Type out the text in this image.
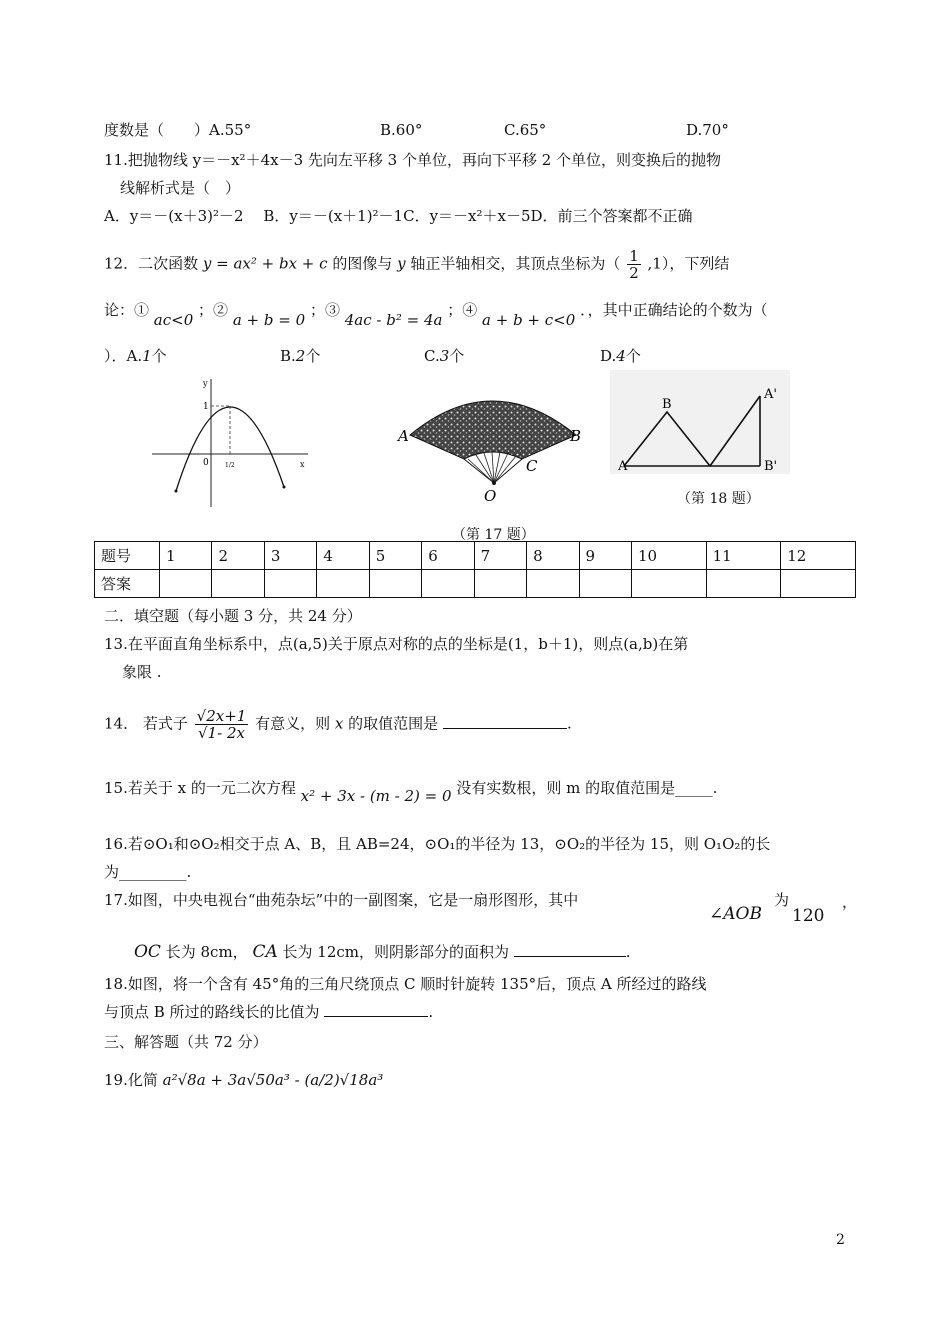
度数是（　　）A.55°	B.60°	C.65°	D.70°
11.把抛物线 y＝－x²＋4x－3 先向左平移 3 个单位，再向下平移 2 个单位，则变换后的抛物
线解析式是（　）
A．y＝－(x＋3)²－2　 B．y＝－(x＋1)²－1C．y＝－x²＋x－5D．前三个答案都不正确
12．二次函数 y = ax² + bx + c 的图像与 y 轴正半轴相交，其顶点坐标为（ $\frac{1}{2} ,1$），下列结
论：① ac<0 ；② a + b = 0 ；③ 4ac - b² = 4a ；④ a + b + c<0 ．，其中正确结论的个数为（
）．A.1个	B.2个	C.3个	D.4个
y
x
1
0	1/2
A	B
C
O
A
B
A'
B'
（第 18 题）
（第 17 题）
题号	1	2	3	4	5	6	7	8	9	10	11	12
答案												
二．填空题（每小题 3 分，共 24 分）
13.在平面直角坐标系中，点(a,5)关于原点对称的点的坐标是(1，b＋1)，则点(a,b)在第
象限 .
14． 若式子 $\frac{√2x+1}{√1- 2x}$ 有意义，则 x 的取值范围是	.
15.若关于 x 的一元二次方程 x² + 3x - (m - 2) = 0 没有实数根，则 m 的取值范围是_____.
16.若⊙O₁和⊙O₂相交于点 A、B，且 AB=24，⊙O₁的半径为 13，⊙O₂的半径为 15，则 O₁O₂的长
为_________.
17.如图，中央电视台“曲苑杂坛”中的一副图案，它是一扇形图形，其中
∠AOB
为
120
，
OC 长为 8cm， CA 长为 12cm，则阴影部分的面积为	.
18.如图，将一个含有 45°角的三角尺绕顶点 C 顺时针旋转 135°后，顶点 A 所经过的路线
与顶点 B 所过的路线长的比值为	.
三、解答题（共 72 分）
19.化简 a²√8a + 3a√50a³ - (a/2)√18a³
2
